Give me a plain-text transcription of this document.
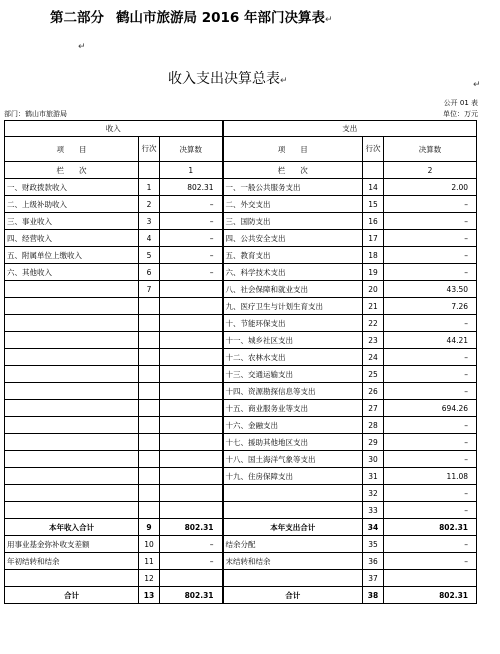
第二部分 鹤山市旅游局 2016 年部门决算表↵
↵
收入支出决算总表↵	↵
公开 01 表
部门：鹤山市旅游局	单位：万元
收入			支出		
项　　目	行次	决算数	项　　目	行次	决算数
栏　　次		1	栏　　次		2
一、财政拨款收入	1	802.31	一、一般公共服务支出	14	2.00
二、上级补助收入	2	–	二、外交支出	15	–
三、事业收入	3	–	三、国防支出	16	–
四、经营收入	4	–	四、公共安全支出	17	–
五、附属单位上缴收入	5	–	五、教育支出	18	–
六、其他收入	6	–	六、科学技术支出	19	–
	7		八、社会保障和就业支出	20	43.50
			九、医疗卫生与计划生育支出	21	7.26
			十、节能环保支出	22	–
			十一、城乡社区支出	23	44.21
			十二、农林水支出	24	–
			十三、交通运输支出	25	–
			十四、资源勘探信息等支出	26	–
			十五、商业服务业等支出	27	694.26
			十六、金融支出	28	–
			十七、援助其他地区支出	29	–
			十八、国土海洋气象等支出	30	–
			十九、住房保障支出	31	11.08
				32	–
				33	–
本年收入合计	9	802.31	本年支出合计	34	802.31
用事业基金弥补收支差额	10	–	结余分配	35	–
年初结转和结余	11	–	末结转和结余	36	–
	12			37	
合计	13	802.31	合计	38	802.31
